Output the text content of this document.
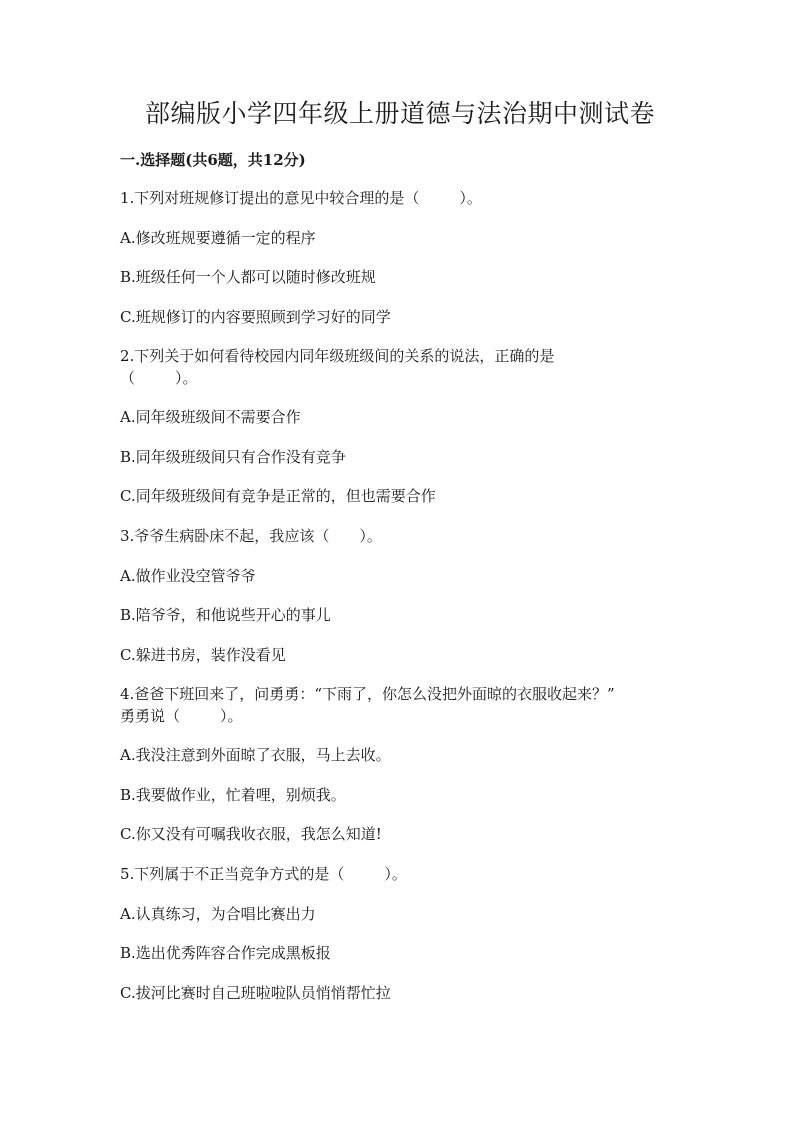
部编版小学四年级上册道德与法治期中测试卷

一.选择题(共6题，共12分)

1.下列对班规修订提出的意见中较合理的是（	）。

A.修改班规要遵循一定的程序

B.班级任何一个人都可以随时修改班规

C.班规修订的内容要照顾到学习好的同学

2.下列关于如何看待校园内同年级班级间的关系的说法，正确的是

（	）。

A.同年级班级间不需要合作

B.同年级班级间只有合作没有竞争

C.同年级班级间有竞争是正常的，但也需要合作

3.爷爷生病卧床不起，我应该（ ）。

A.做作业没空管爷爷

B.陪爷爷，和他说些开心的事儿

C.躲进书房，装作没看见

4.爸爸下班回来了，问勇勇：“下雨了，你怎么没把外面晾的衣服收起来？”

勇勇说（	）。

A.我没注意到外面晾了衣服，马上去收。

B.我要做作业，忙着哩，别烦我。

C.你又没有可嘱我收衣服，我怎么知道!

5.下列属于不正当竞争方式的是（	）。

A.认真练习，为合唱比赛出力

B.选出优秀阵容合作完成黑板报

C.拔河比赛时自己班啦啦队员悄悄帮忙拉
